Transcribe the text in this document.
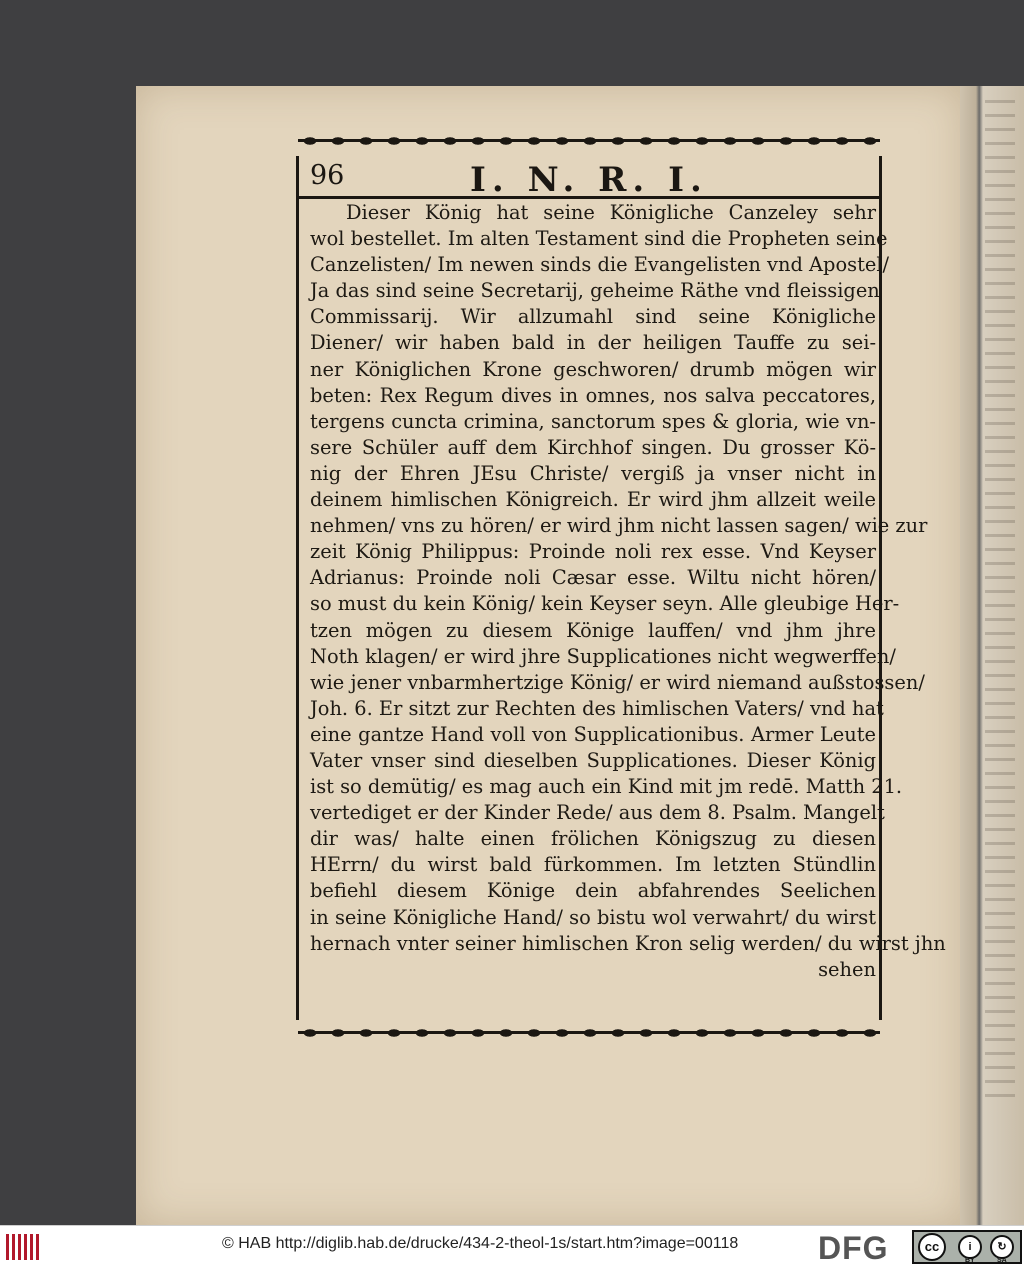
96	I. N. R. I.
Dieser König hat seine Königliche Canzeley sehr
wol bestellet. Im alten Testament sind die Propheten seine
Canzelisten/ Im newen sinds die Evangelisten vnd Apostel/
Ja das sind seine Secretarij, geheime Räthe vnd fleissigen
Commissarij. Wir allzumahl sind seine Königliche
Diener/ wir haben bald in der heiligen Tauffe zu sei-
ner Königlichen Krone geschworen/ drumb mögen wir
beten: Rex Regum dives in omnes, nos salva peccatores,
tergens cuncta crimina, sanctorum spes & gloria, wie vn-
sere Schüler auff dem Kirchhof singen. Du grosser Kö-
nig der Ehren JEsu Christe/ vergiß ja vnser nicht in
deinem himlischen Königreich. Er wird jhm allzeit weile
nehmen/ vns zu hören/ er wird jhm nicht lassen sagen/ wie zur
zeit König Philippus: Proinde noli rex esse. Vnd Keyser
Adrianus: Proinde noli Cæsar esse. Wiltu nicht hören/
so must du kein König/ kein Keyser seyn. Alle gleubige Her-
tzen mögen zu diesem Könige lauffen/ vnd jhm jhre
Noth klagen/ er wird jhre Supplicationes nicht wegwerffen/
wie jener vnbarmhertzige König/ er wird niemand außstossen/
Joh. 6. Er sitzt zur Rechten des himlischen Vaters/ vnd hat
eine gantze Hand voll von Supplicationibus. Armer Leute
Vater vnser sind dieselben Supplicationes. Dieser König
ist so demütig/ es mag auch ein Kind mit jm redē. Matth 21.
vertediget er der Kinder Rede/ aus dem 8. Psalm. Mangelt
dir was/ halte einen frölichen Königszug zu diesen
HErrn/ du wirst bald fürkommen. Im letzten Stündlin
befiehl diesem Könige dein abfahrendes Seelichen
in seine Königliche Hand/ so bistu wol verwahrt/ du wirst
hernach vnter seiner himlischen Kron selig werden/ du wirst jhn
sehen
© HAB http://diglib.hab.de/drucke/434-2-theol-1s/start.htm?image=00118 DFG	cc	i	↻
BY	SA
